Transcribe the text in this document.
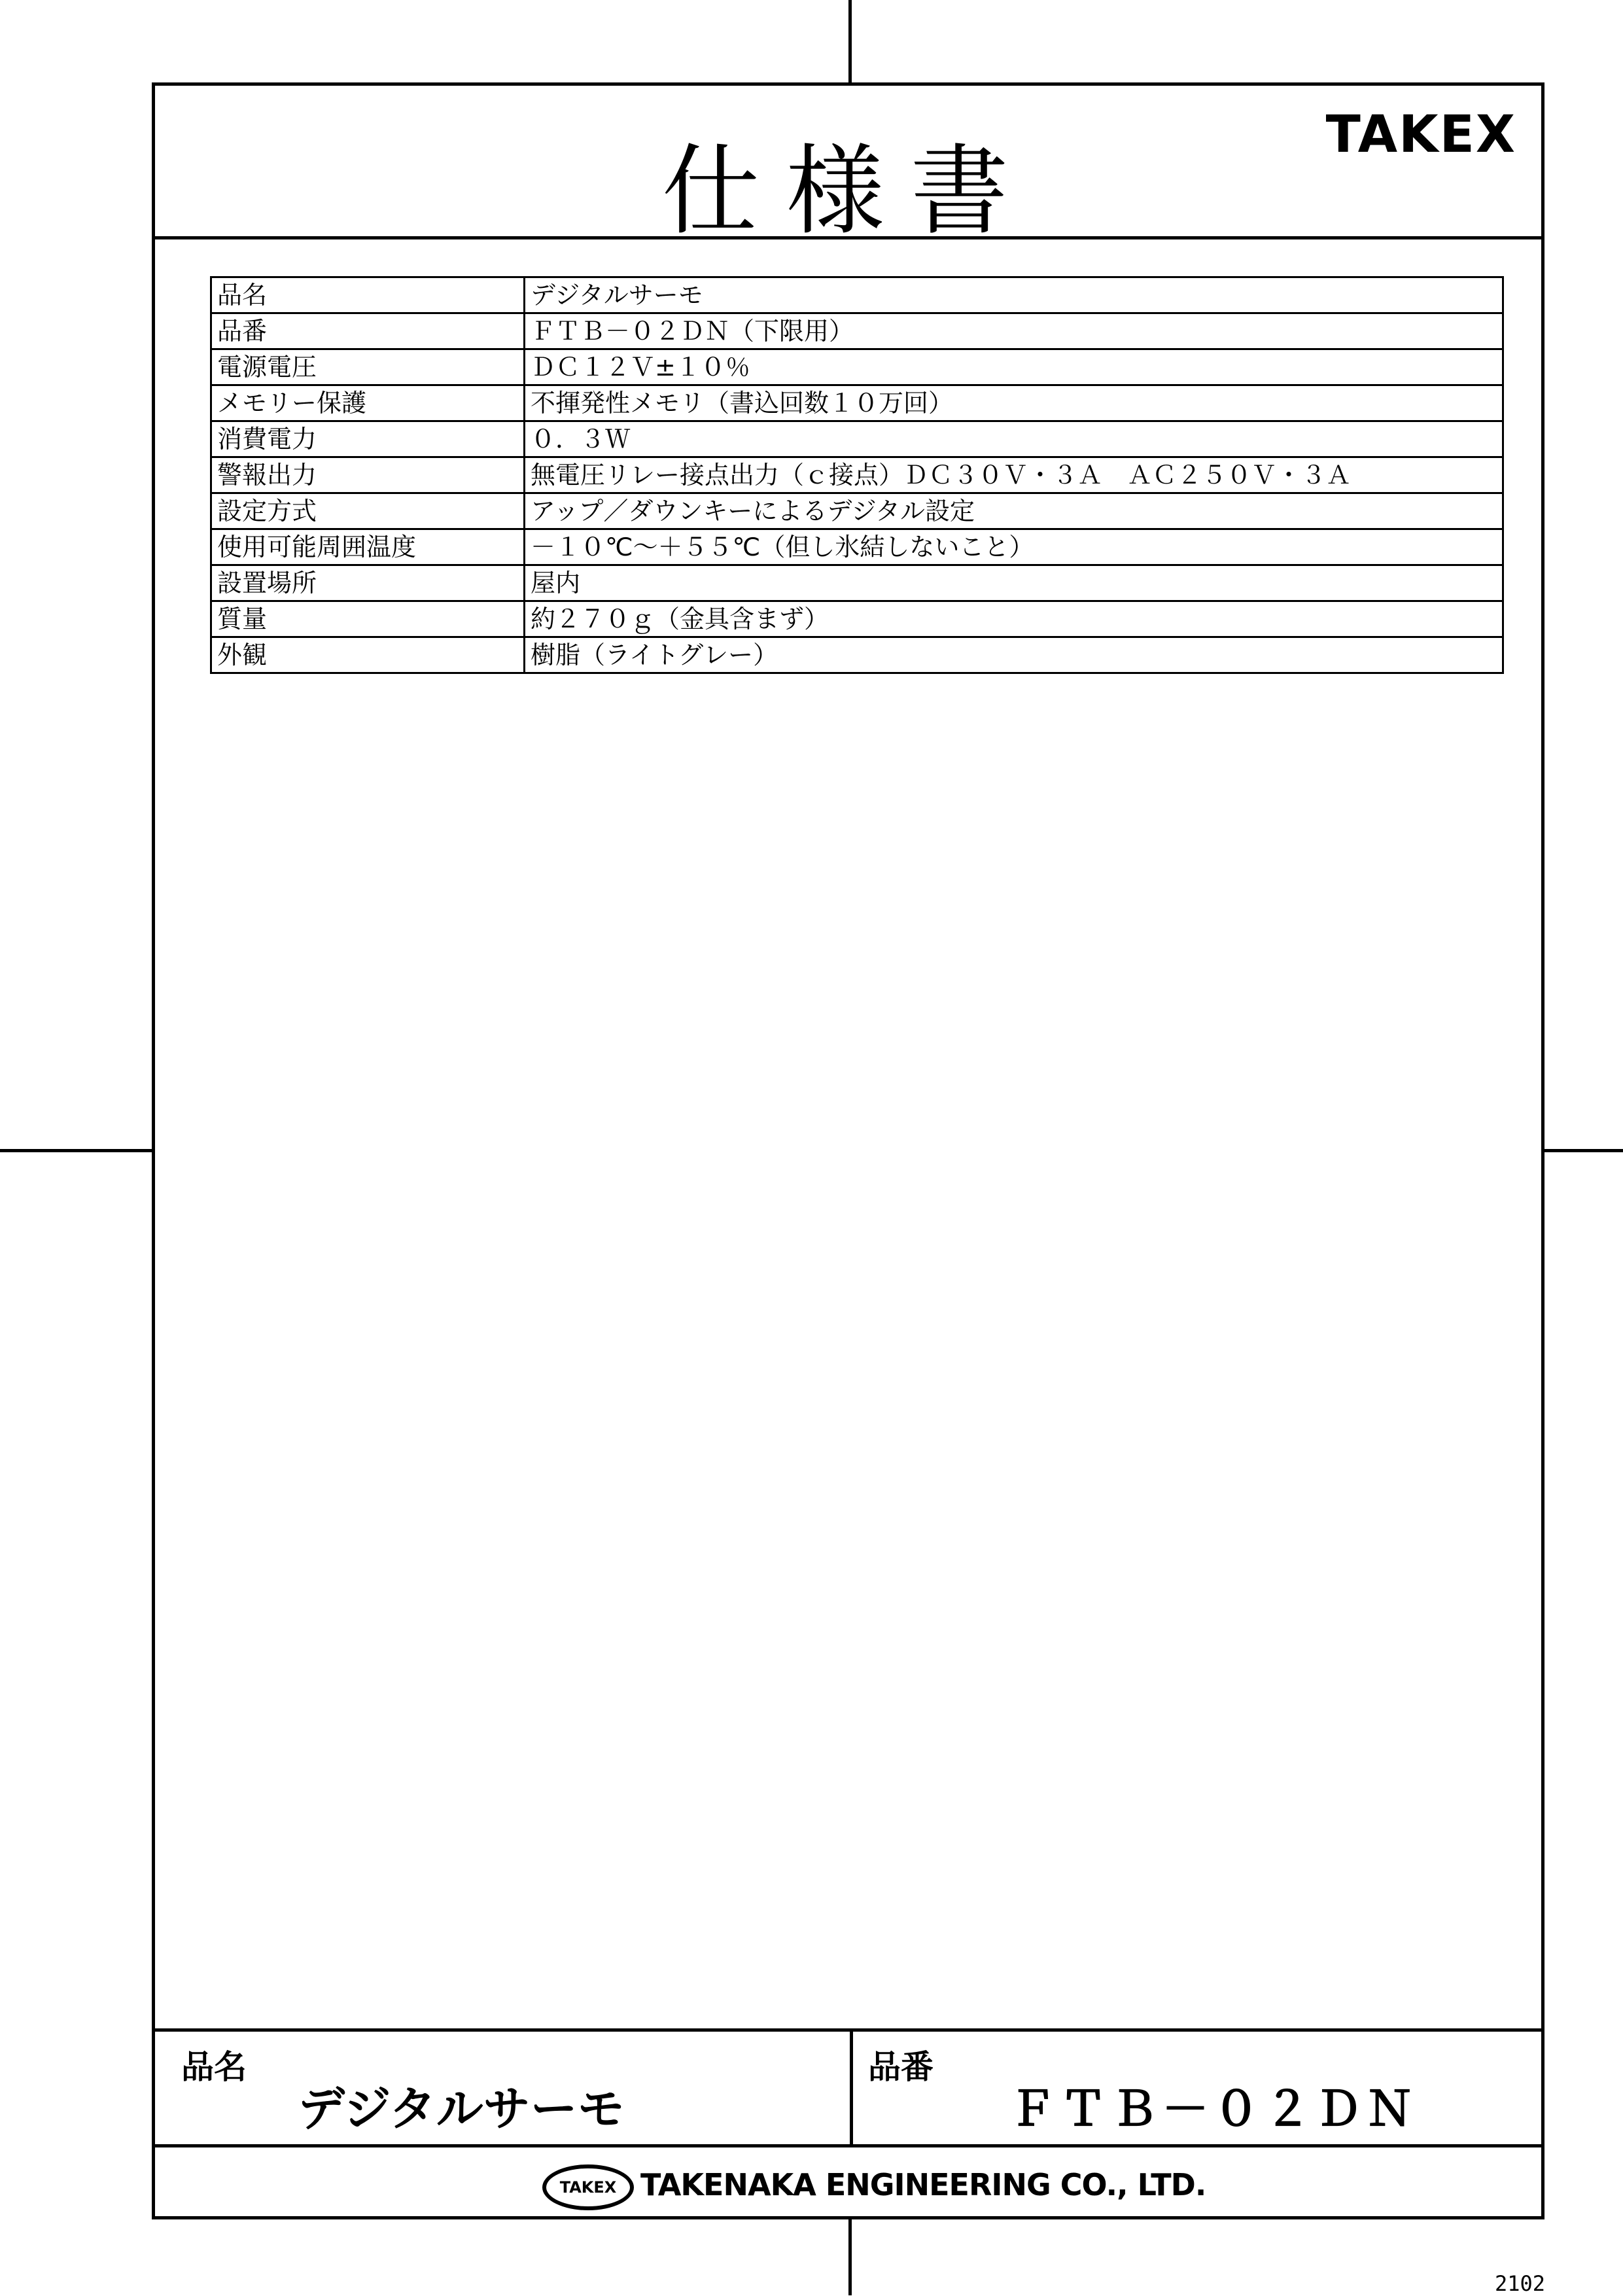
仕様書	TAKEX
品名	デジタルサーモ
品番	ＦＴＢ－０２ＤＮ（下限用）
電源電圧	ＤＣ１２Ｖ±１０％
メモリー保護	不揮発性メモリ（書込回数１０万回）
消費電力	０．３Ｗ
警報出力	無電圧リレー接点出力（ｃ接点）ＤＣ３０Ｖ・３Ａ　ＡＣ２５０Ｖ・３Ａ
設定方式	アップ／ダウンキーによるデジタル設定
使用可能周囲温度	－１０℃～＋５５℃（但し氷結しないこと）
設置場所	屋内
質量	約２７０ｇ（金具含まず）
外観	樹脂（ライトグレー）
品名
デジタルサーモ
品番
ＦＴＢ－０２ＤＮ
TAKEX TAKENAKA ENGINEERING CO., LTD.
2102
